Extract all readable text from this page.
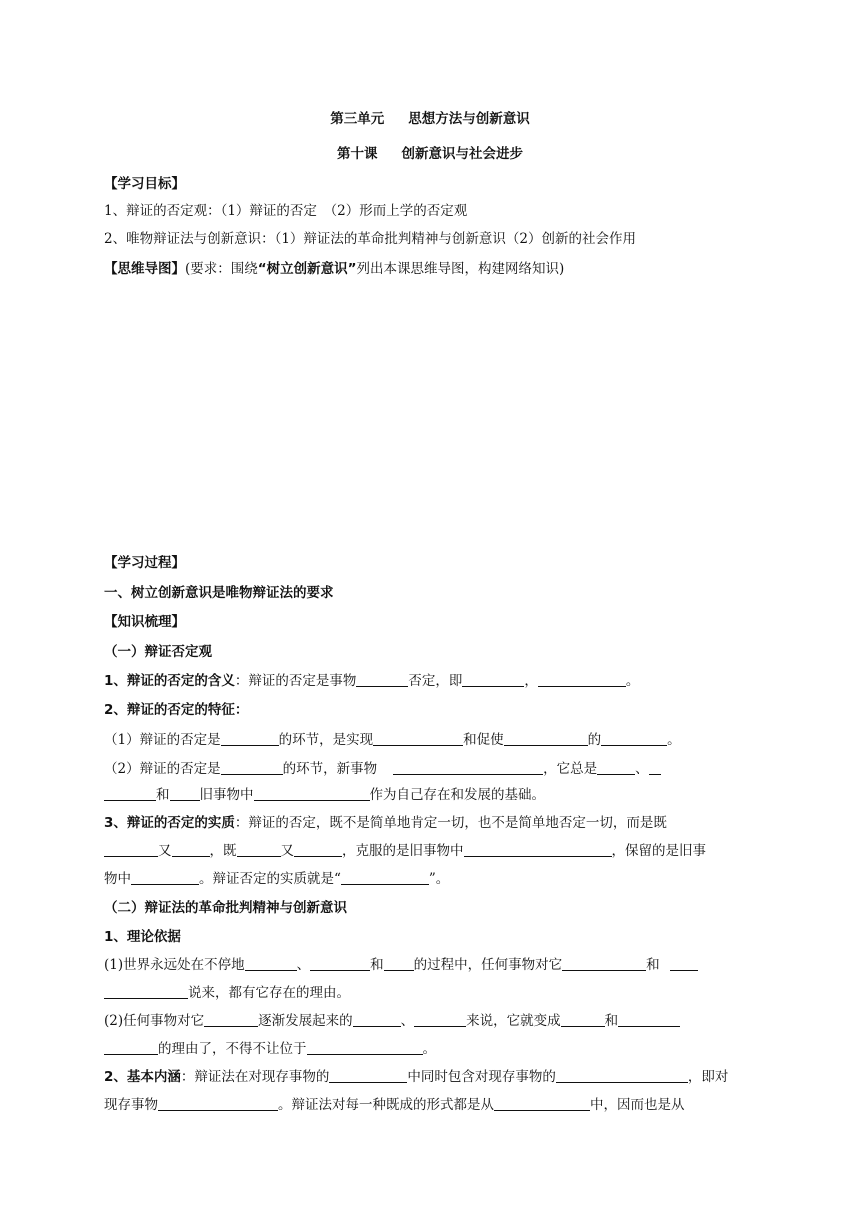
第三单元 思想方法与创新意识
第十课 创新意识与社会进步
【学习目标】
1、辩证的否定观：（1）辩证的否定　（2）形而上学的否定观
2、唯物辩证法与创新意识：（1）辩证法的革命批判精神与创新意识（2）创新的社会作用
【思维导图】(要求：围绕“树立创新意识”列出本课思维导图，构建网络知识)
【学习过程】
一、树立创新意识是唯物辩证法的要求
【知识梳理】
（一）辩证否定观
1、辩证的否定的含义：辩证的否定是事物	否定，即	，	。
2、辩证的否定的特征：
（1）辩证的否定是	的环节，是实现	和促使	的	。
（2）辩证的否定是	的环节，新事物	，它总是	、
和 旧事物中	作为自己存在和发展的基础。
3、辩证的否定的实质：辩证的否定，既不是简单地肯定一切，也不是简单地否定一切，而是既
又	，既	又	，克服的是旧事物中	，保留的是旧事
物中	。辩证否定的实质就是“	”。
（二）辩证法的革命批判精神与创新意识
1、理论依据
(1)世界永远处在不停地	、	和 的过程中，任何事物对它	和
说来，都有它存在的理由。
(2)任何事物对它	逐渐发展起来的	、	来说，它就变成	和
的理由了，不得不让位于	。
2、基本内涵：辩证法在对现存事物的	中同时包含对现存事物的	，即对
现存事物	。辩证法对每一种既成的形式都是从	中，因而也是从
